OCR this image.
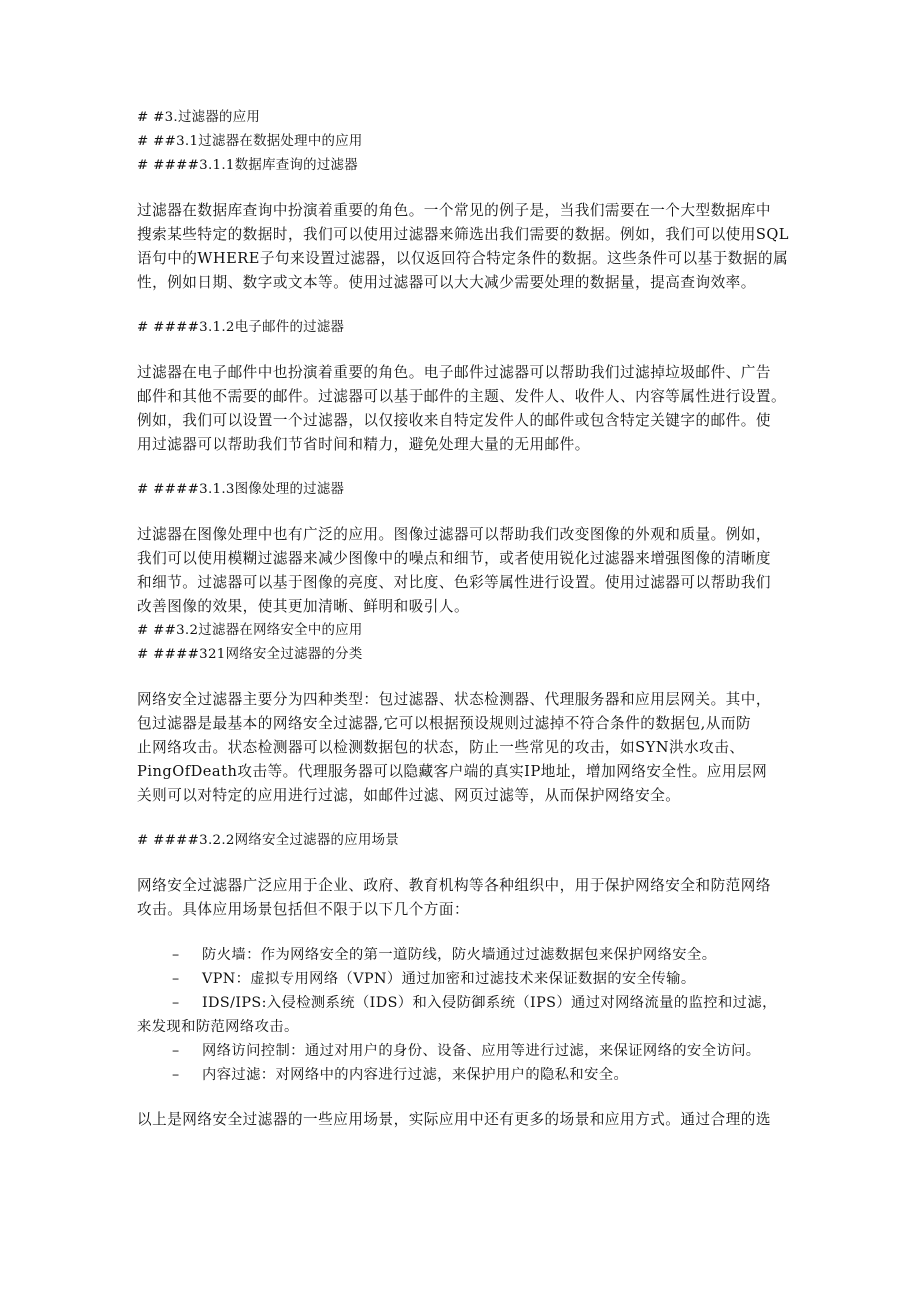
# #3.过滤器的应用
# ##3.1过滤器在数据处理中的应用
# ####3.1.1数据库查询的过滤器
过滤器在数据库查询中扮演着重要的角色。一个常见的例子是，当我们需要在一个大型数据库中
搜索某些特定的数据时，我们可以使用过滤器来筛选出我们需要的数据。例如，我们可以使用SQL
语句中的WHERE子句来设置过滤器，以仅返回符合特定条件的数据。这些条件可以基于数据的属
性，例如日期、数字或文本等。使用过滤器可以大大减少需要处理的数据量，提高查询效率。
# ####3.1.2电子邮件的过滤器
过滤器在电子邮件中也扮演着重要的角色。电子邮件过滤器可以帮助我们过滤掉垃圾邮件、广告
邮件和其他不需要的邮件。过滤器可以基于邮件的主题、发件人、收件人、内容等属性进行设置。
例如，我们可以设置一个过滤器，以仅接收来自特定发件人的邮件或包含特定关键字的邮件。使
用过滤器可以帮助我们节省时间和精力，避免处理大量的无用邮件。
# ####3.1.3图像处理的过滤器
过滤器在图像处理中也有广泛的应用。图像过滤器可以帮助我们改变图像的外观和质量。例如，
我们可以使用模糊过滤器来减少图像中的噪点和细节，或者使用锐化过滤器来增强图像的清晰度
和细节。过滤器可以基于图像的亮度、对比度、色彩等属性进行设置。使用过滤器可以帮助我们
改善图像的效果，使其更加清晰、鲜明和吸引人。
# ##3.2过滤器在网络安全中的应用
# ####321网络安全过滤器的分类
网络安全过滤器主要分为四种类型：包过滤器、状态检测器、代理服务器和应用层网关。其中，
包过滤器是最基本的网络安全过滤器,它可以根据预设规则过滤掉不符合条件的数据包,从而防
止网络攻击。状态检测器可以检测数据包的状态，防止一些常见的攻击，如SYN洪水攻击、
PingOfDeath攻击等。代理服务器可以隐藏客户端的真实IP地址，增加网络安全性。应用层网
关则可以对特定的应用进行过滤，如邮件过滤、网页过滤等，从而保护网络安全。
# ####3.2.2网络安全过滤器的应用场景
网络安全过滤器广泛应用于企业、政府、教育机构等各种组织中，用于保护网络安全和防范网络
攻击。具体应用场景包括但不限于以下几个方面：
– 防火墙：作为网络安全的第一道防线，防火墙通过过滤数据包来保护网络安全。
– VPN：虚拟专用网络（VPN）通过加密和过滤技术来保证数据的安全传输。
– IDS/IPS:入侵检测系统（IDS）和入侵防御系统（IPS）通过对网络流量的监控和过滤，
来发现和防范网络攻击。
– 网络访问控制：通过对用户的身份、设备、应用等进行过滤，来保证网络的安全访问。
– 内容过滤：对网络中的内容进行过滤，来保护用户的隐私和安全。
以上是网络安全过滤器的一些应用场景，实际应用中还有更多的场景和应用方式。通过合理的选
